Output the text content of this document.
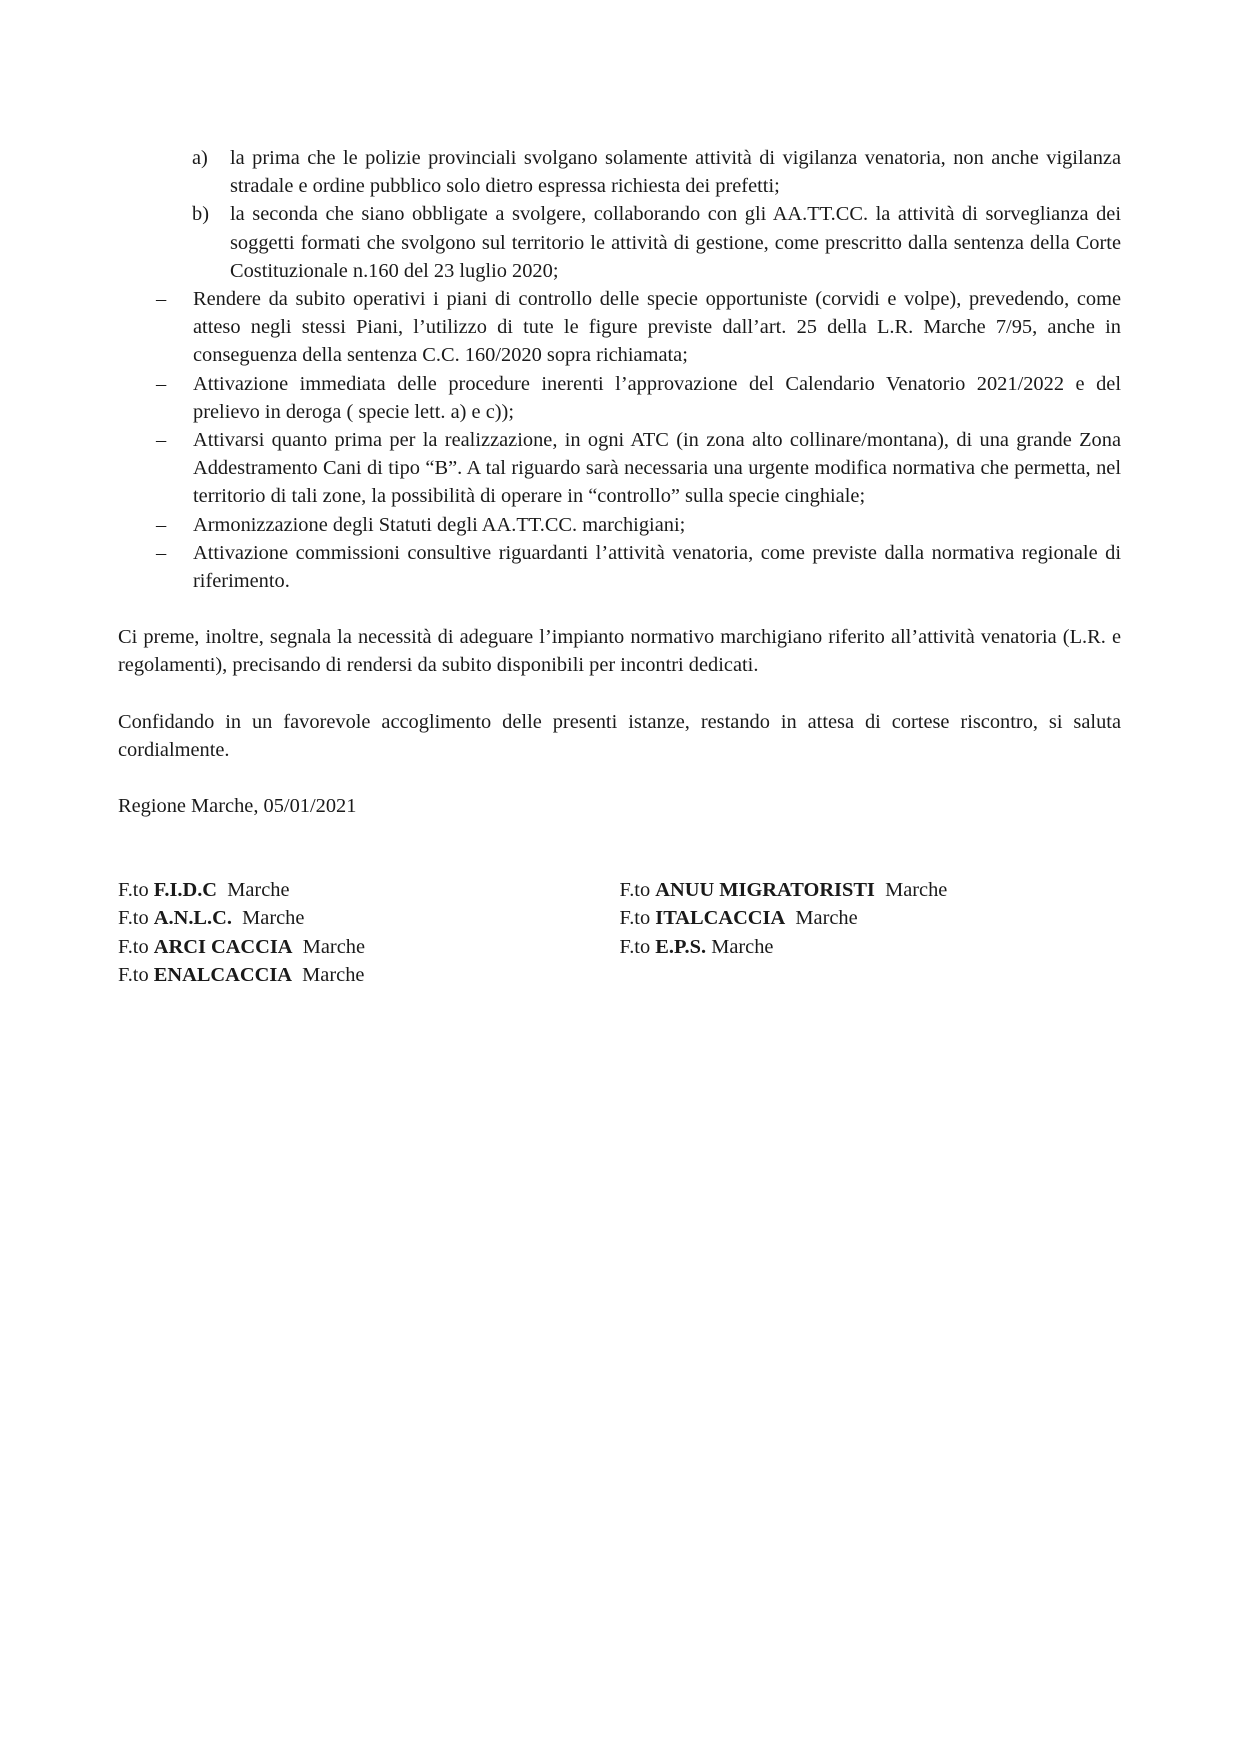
a)	la prima che le polizie provinciali svolgano solamente attività di vigilanza venatoria, non anche vigilanza stradale e ordine pubblico solo dietro espressa richiesta dei prefetti;
b)	la seconda che siano obbligate a svolgere, collaborando con gli AA.TT.CC. la attività di sorveglianza dei soggetti formati che svolgono sul territorio le attività di gestione, come prescritto dalla sentenza della Corte Costituzionale n.160 del 23 luglio 2020;
–	Rendere da subito operativi i piani di controllo delle specie opportuniste (corvidi e volpe), prevedendo, come atteso negli stessi Piani, l’utilizzo di tute le figure previste dall’art. 25 della L.R. Marche 7/95, anche in conseguenza della sentenza C.C. 160/2020 sopra richiamata;
–	Attivazione immediata delle procedure inerenti l’approvazione del Calendario Venatorio 2021/2022 e del prelievo in deroga ( specie lett. a) e c));
–	Attivarsi quanto prima per la realizzazione, in ogni ATC (in zona alto collinare/montana), di una grande Zona Addestramento Cani di tipo “B”. A tal riguardo sarà necessaria una urgente modifica normativa che permetta, nel territorio di tali zone, la possibilità di operare in “controllo” sulla specie cinghiale;
–	Armonizzazione degli Statuti degli AA.TT.CC. marchigiani;
–	Attivazione commissioni consultive riguardanti l’attività venatoria, come previste dalla normativa regionale di riferimento.

Ci preme, inoltre, segnala la necessità di adeguare l’impianto normativo marchigiano riferito all’attività venatoria (L.R. e regolamenti), precisando di rendersi da subito disponibili per incontri dedicati.

Confidando in un favorevole accoglimento delle presenti istanze, restando in attesa di cortese riscontro, si saluta cordialmente.

Regione Marche, 05/01/2021

F.to F.I.D.C  Marche
F.to A.N.L.C.  Marche
F.to ARCI CACCIA  Marche
F.to ENALCACCIA  Marche
F.to ANUU MIGRATORISTI  Marche
F.to ITALCACCIA  Marche
F.to E.P.S. Marche
